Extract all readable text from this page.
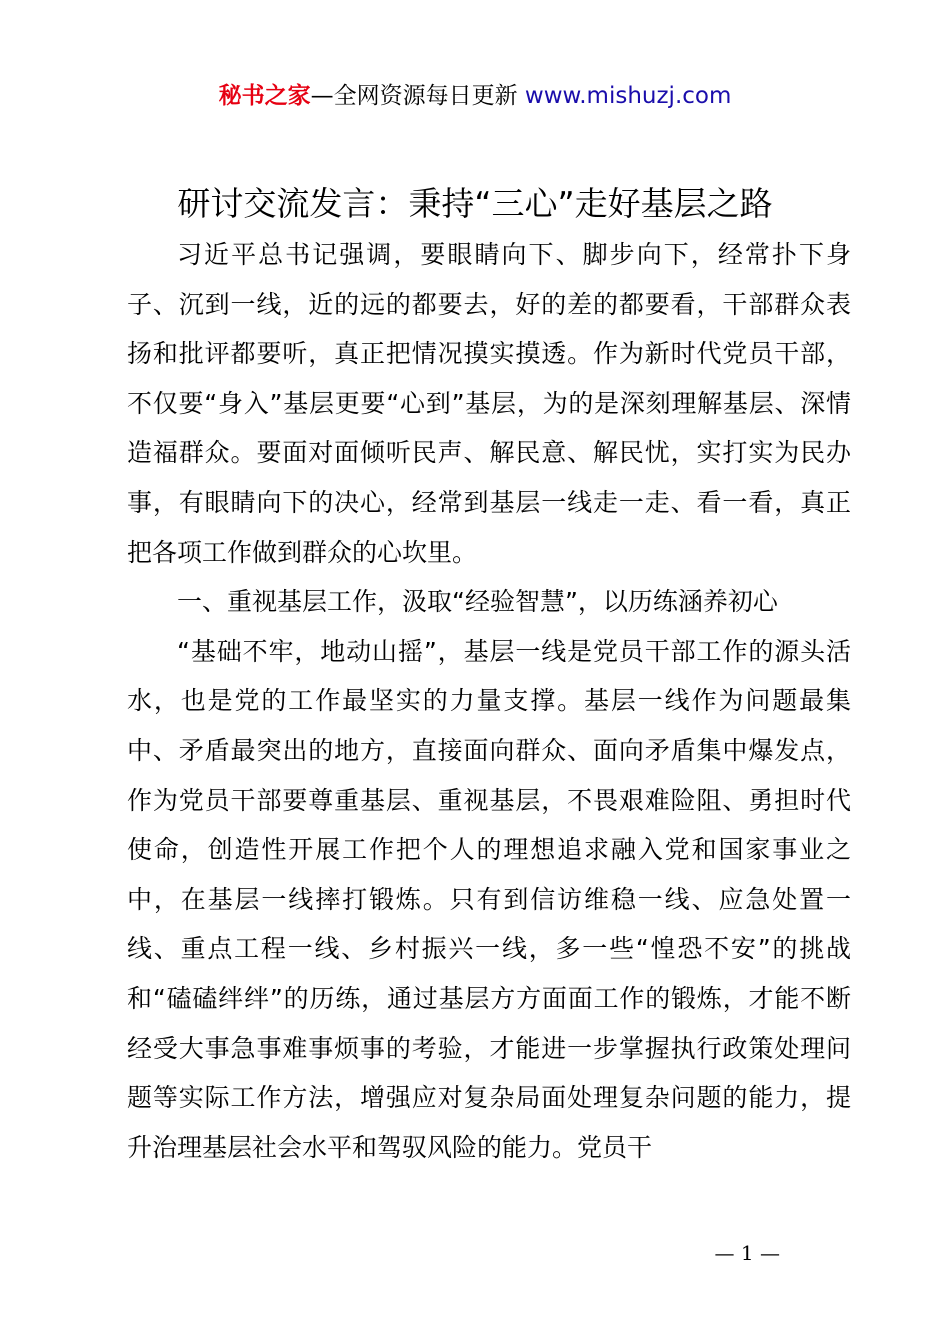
秘书之家—全网资源每日更新 www.mishuzj.com
研讨交流发言：秉持“三心”走好基层之路

习近平总书记强调，要眼睛向下、脚步向下，经常扑下身子、沉到一线，近的远的都要去，好的差的都要看，干部群众表扬和批评都要听，真正把情况摸实摸透。作为新时代党员干部，不仅要“身入”基层更要“心到”基层，为的是深刻理解基层、深情造福群众。要面对面倾听民声、解民意、解民忧，实打实为民办事，有眼睛向下的决心，经常到基层一线走一走、看一看，真正把各项工作做到群众的心坎里。

一、重视基层工作，汲取“经验智慧”，以历练涵养初心

“基础不牢，地动山摇”，基层一线是党员干部工作的源头活水，也是党的工作最坚实的力量支撑。基层一线作为问题最集中、矛盾最突出的地方，直接面向群众、面向矛盾集中爆发点，作为党员干部要尊重基层、重视基层，不畏艰难险阻、勇担时代使命，创造性开展工作把个人的理想追求融入党和国家事业之中，在基层一线摔打锻炼。只有到信访维稳一线、应急处置一线、重点工程一线、乡村振兴一线，多一些“惶恐不安”的挑战和“磕磕绊绊”的历练，通过基层方方面面工作的锻炼，才能不断经受大事急事难事烦事的考验，才能进一步掌握执行政策处理问题等实际工作方法，增强应对复杂局面处理复杂问题的能力，提升治理基层社会水平和驾驭风险的能力。党员干

— 1 —
